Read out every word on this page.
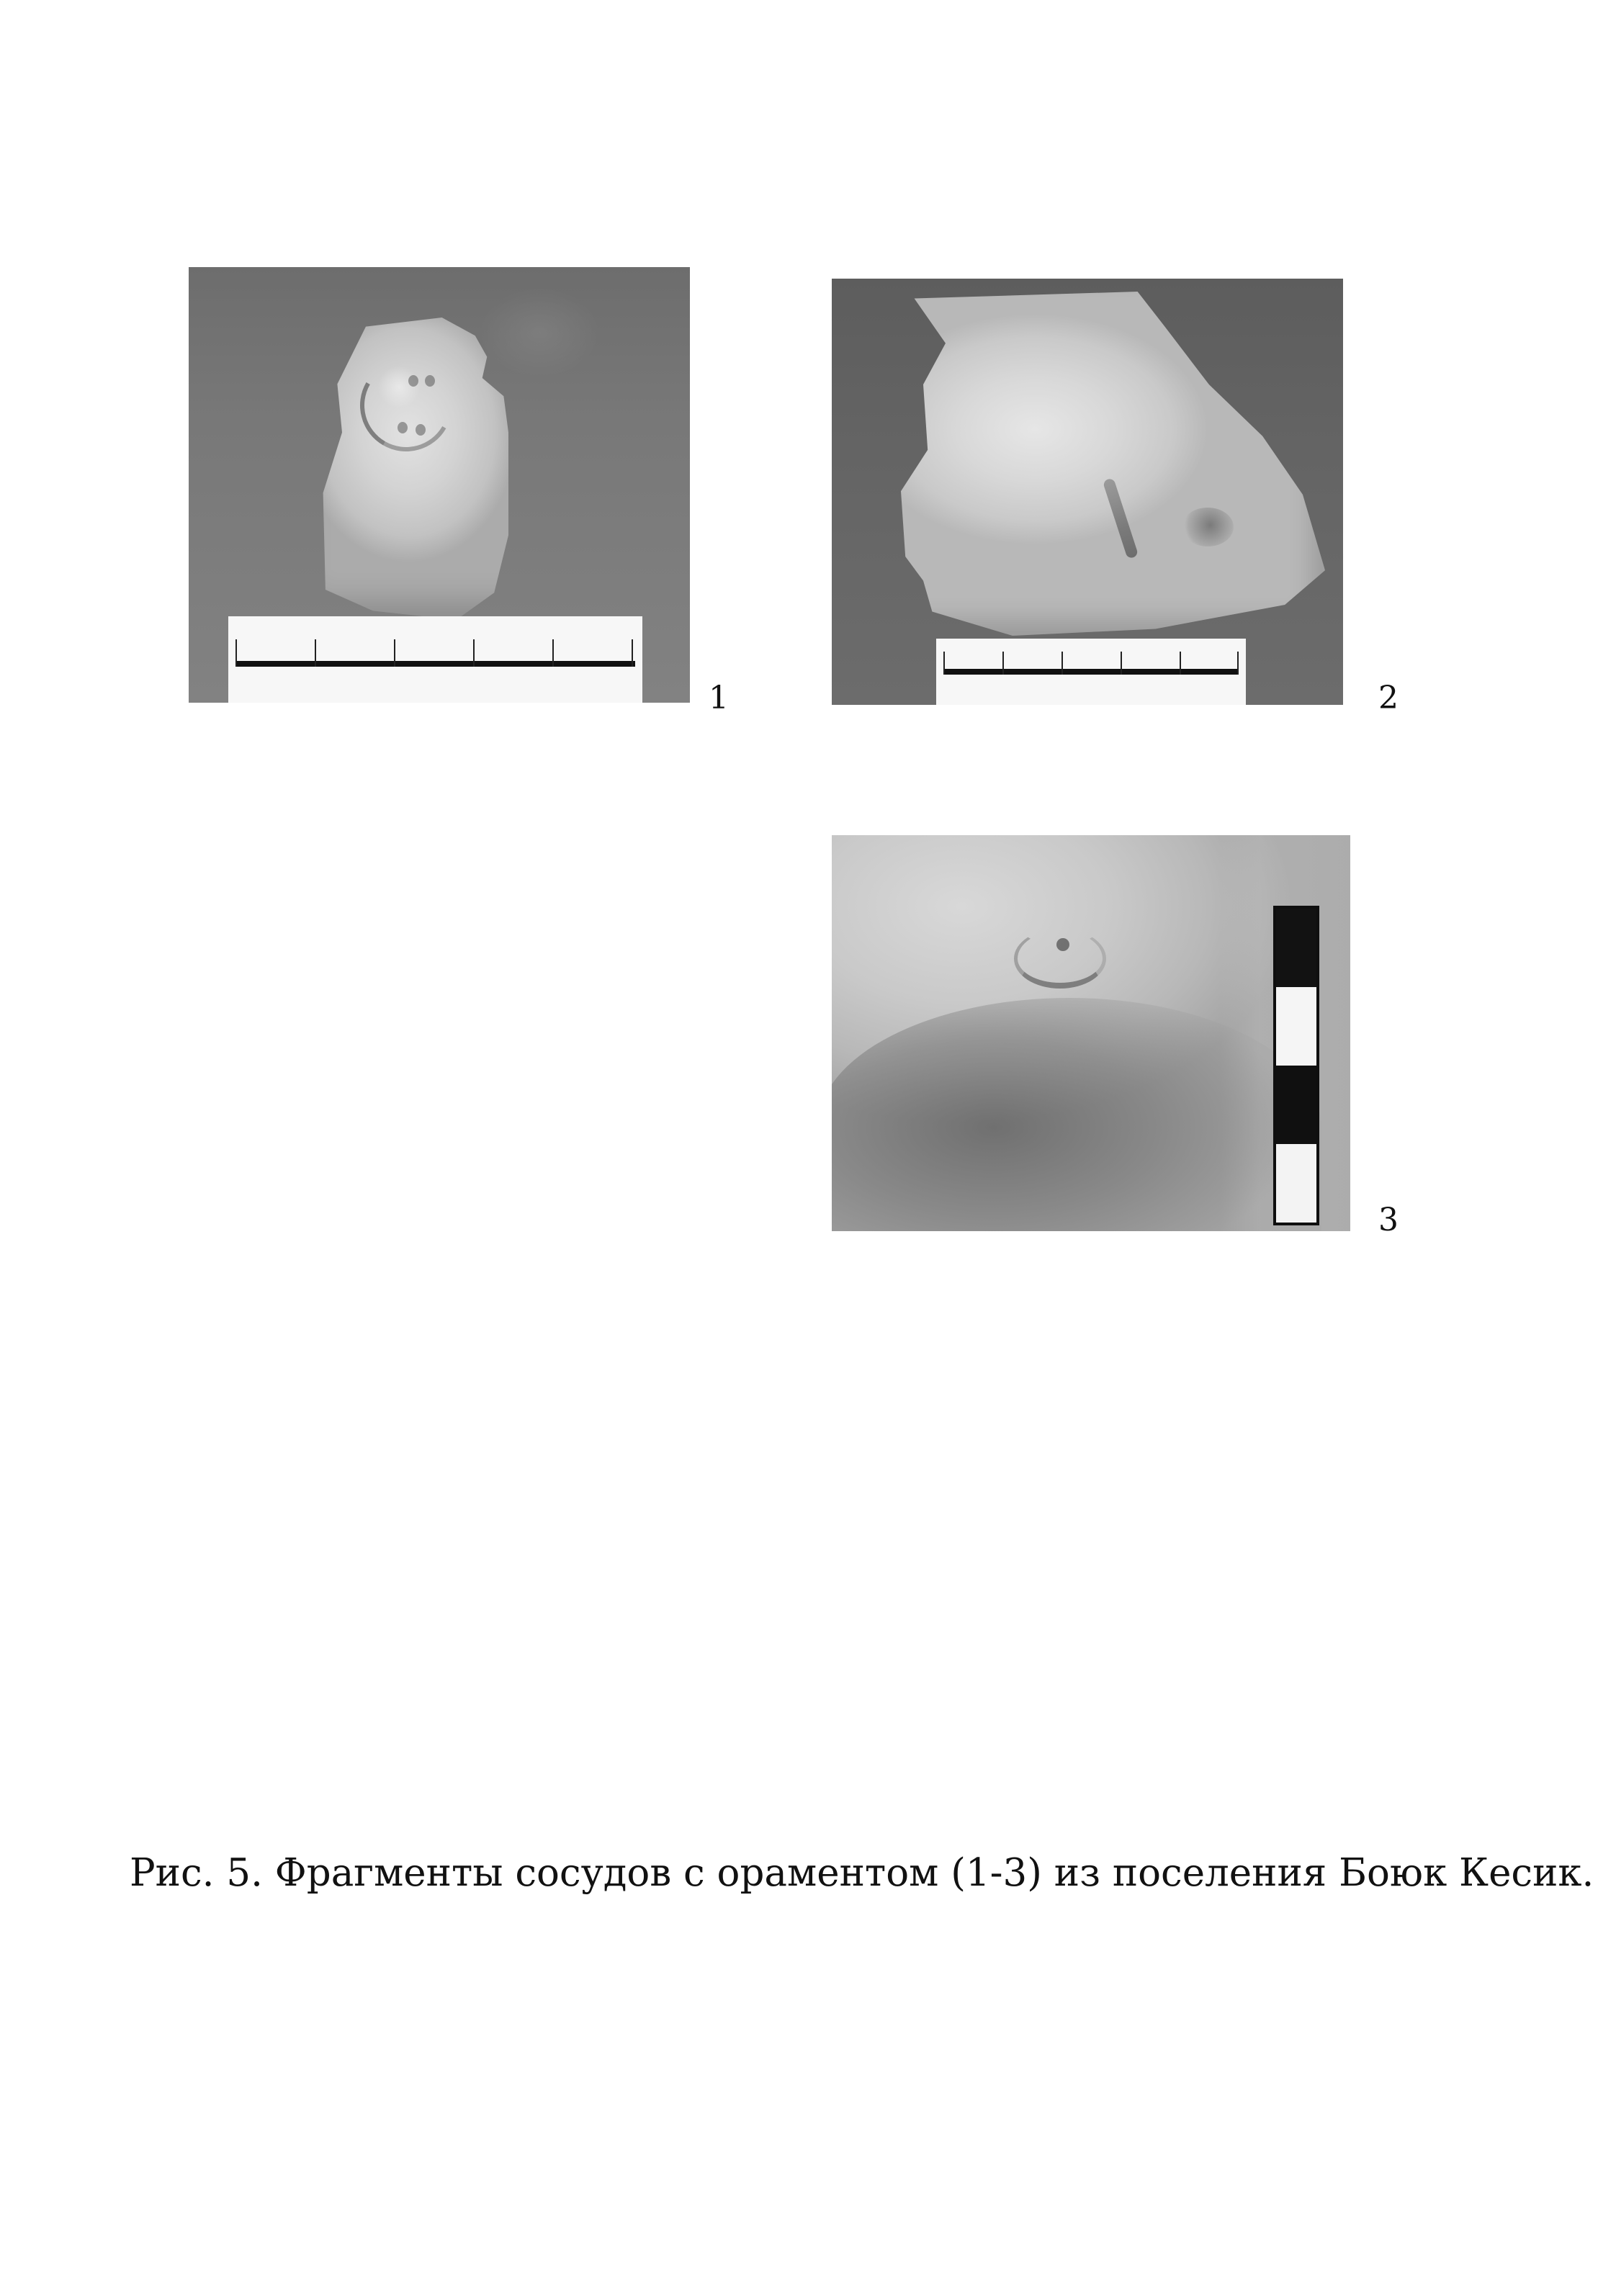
1	2
3
Рис. 5. Фрагменты сосудов с ораментом (1-3) из поселения Боюк Кесик.
